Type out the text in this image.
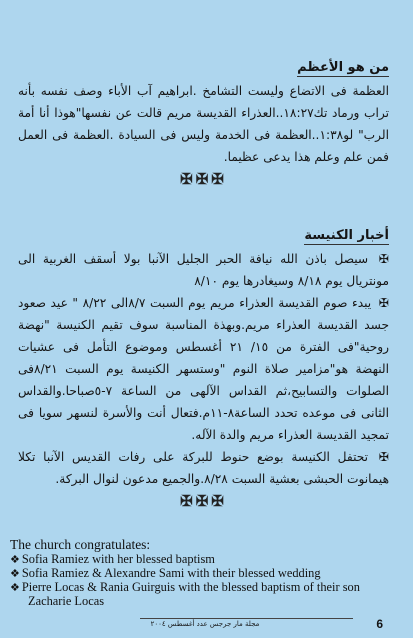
من هو الأعظم
العظمة فى الاتضاع وليست التشامخ .ابراهيم آب الأباء وصف نفسه بأنه تراب ورماد تك١٨:٢٧..العذراء القديسة مريم قالت عن نفسها"هوذا أنا أمة الرب" لو١:٣٨..العظمة فى الخدمة وليس فى السيادة .العظمة فى العمل فمن علم وعلم هذا يدعى عظيما.
✠✠✠
أخبار الكنيسة
✠ سيصل باذن الله نيافة الحبر الجليل الآنبا بولا أسقف الغربية الى مونتريال يوم ٨/١٨ وسيغادرها يوم ٨/١٠
✠ يبدء صوم القديسة العذراء مريم يوم السبت ٨/٧الى ٨/٢٢ " عيد صعود جسد القديسة العذراء مريم.وبهذة المناسبة سوف تقيم الكنيسة "نهضة روحية"فى الفترة من ١٥/ ٢١ أغسطس وموضوع التأمل فى عشيات النهضة هو"مزامير صلاة النوم "وستسهر الكنيسة يوم السبت ٨/٢١فى الصلوات والتسابيح،ثم القداس الآلهى من الساعة ٧-٥صباحا.والقداس الثانى فى موعده تحدد الساعة٨-١١م.فتعال أنت والأسرة لنسهر سويا فى تمجيد القديسة العذراء مريم والدة الآله.
✠ تحتفل الكنيسة بوضع حنوط للبركة على رفات القديس الآنبا تكلا هيمانوت الحبشى بعشية السبت ٨/٢٨.والجميع مدعون لنوال البركة.
✠✠✠
The church congratulates:
❖ Sofia Ramiez with her blessed baptism
❖ Sofia Ramiez & Alexandre Sami with their blessed wedding
❖ Pierre Locas & Rania Guirguis with the blessed baptism of their son
Zacharie Locas
مجلة مار جرجس عدد أغسطس ٢٠٠٤	6
